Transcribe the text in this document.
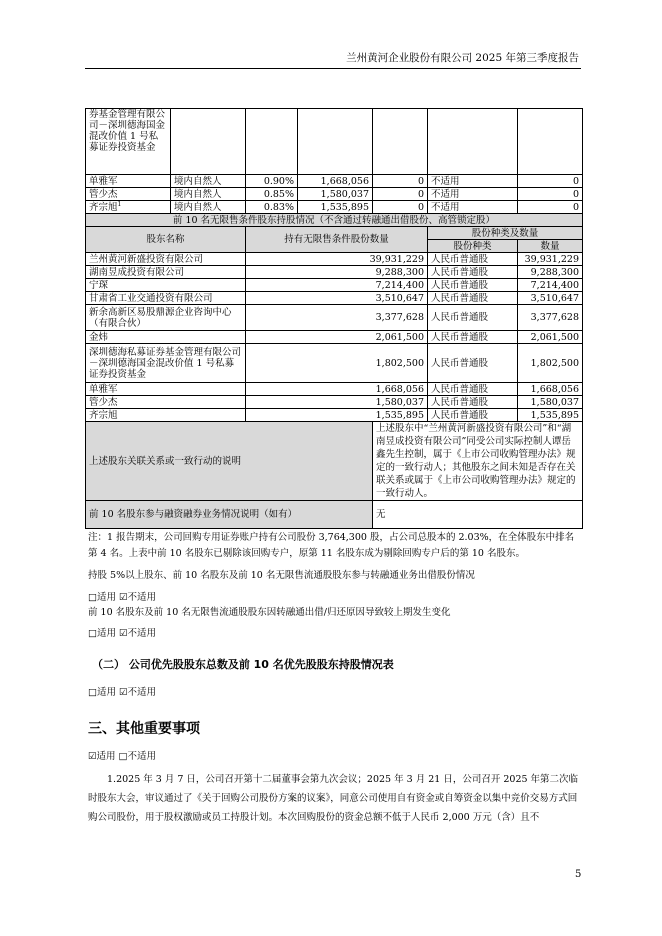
兰州黄河企业股份有限公司 2025 年第三季度报告
券基金管理有限公司－深圳德海国金混改价值 1 号私募证券投资基金						
单雅军	境内自然人	0.90%	1,668,056	0	不适用	0
管少杰	境内自然人	0.85%	1,580,037	0	不适用	0
齐宗旭$^1$	境内自然人	0.83%	1,535,895	0	不适用	0
前 10 名无限售条件股东持股情况（不含通过转融通出借股份、高管锁定股）						
股东名称		持有无限售条件股份数量			股份种类及数量	
					股份种类	数量
兰州黄河新盛投资有限公司		39,931,229			人民币普通股	39,931,229
湖南昱成投资有限公司		9,288,300			人民币普通股	9,288,300
宁琛		7,214,400			人民币普通股	7,214,400
甘肃省工业交通投资有限公司		3,510,647			人民币普通股	3,510,647
新余高新区易股鼎源企业咨询中心（有限合伙）		3,377,628			人民币普通股	3,377,628
金炜		2,061,500			人民币普通股	2,061,500
深圳德海私募证券基金管理有限公司－深圳德海国金混改价值 1 号私募证券投资基金		1,802,500			人民币普通股	1,802,500
单雅军		1,668,056			人民币普通股	1,668,056
管少杰		1,580,037			人民币普通股	1,580,037
齐宗旭		1,535,895			人民币普通股	1,535,895
上述股东关联关系或一致行动的说明				上述股东中“兰州黄河新盛投资有限公司”和“湖南昱成投资有限公司”同受公司实际控制人谭岳鑫先生控制，属于《上市公司收购管理办法》规定的一致行动人；其他股东之间未知是否存在关联关系或属于《上市公司收购管理办法》规定的一致行动人。		
前 10 名股东参与融资融券业务情况说明（如有）				无		
注：1 报告期末，公司回购专用证券账户持有公司股份 3,764,300 股，占公司总股本的 2.03%，在全体股东中排名第 4 名。上表中前 10 名股东已剔除该回购专户，原第 11 名股东成为剔除回购专户后的第 10 名股东。
持股 5%以上股东、前 10 名股东及前 10 名无限售流通股股东参与转融通业务出借股份情况
□适用 ☑不适用
前 10 名股东及前 10 名无限售流通股股东因转融通出借/归还原因导致较上期发生变化
□适用 ☑不适用
（二） 公司优先股股东总数及前 10 名优先股股东持股情况表
□适用 ☑不适用
三、其他重要事项
☑适用 □不适用
1.2025 年 3 月 7 日，公司召开第十二届董事会第九次会议；2025 年 3 月 21 日，公司召开 2025 年第二次临时股东大会，审议通过了《关于回购公司股份方案的议案》，同意公司使用自有资金或自筹资金以集中竞价交易方式回购公司股份，用于股权激励或员工持股计划。本次回购股份的资金总额不低于人民币 2,000 万元（含）且不
5
